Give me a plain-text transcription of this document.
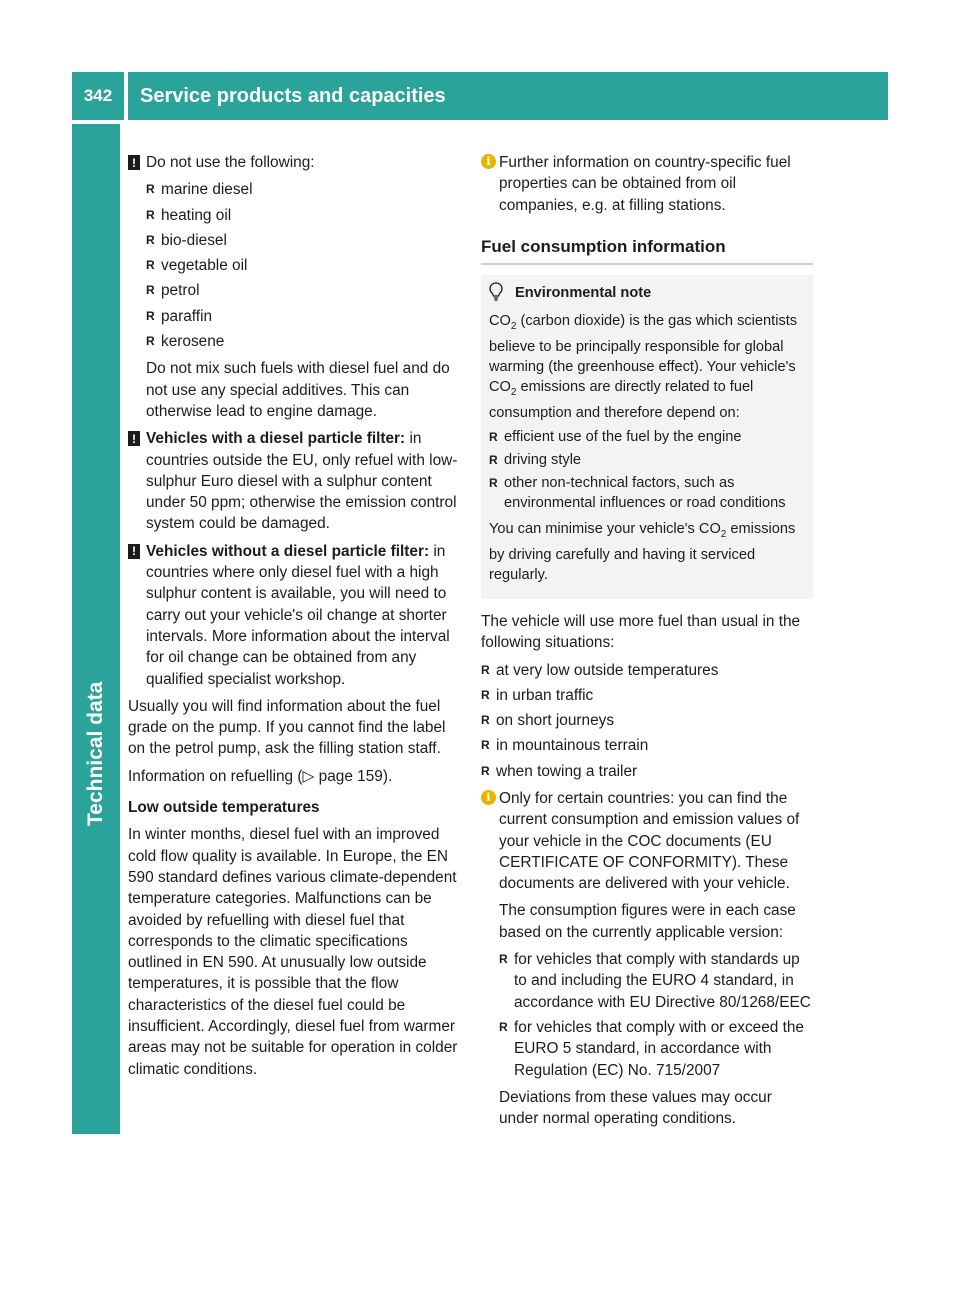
342	Service products and capacities
Technical data
! Do not use the following:

R marine diesel
R heating oil
R bio-diesel
R vegetable oil
R petrol
R paraffin
R kerosene

Do not mix such fuels with diesel fuel and do not use any special additives. This can otherwise lead to engine damage.

! Vehicles with a diesel particle filter: in countries outside the EU, only refuel with low-sulphur Euro diesel with a sulphur content under 50 ppm; otherwise the emission control system could be damaged.

! Vehicles without a diesel particle filter: in countries where only diesel fuel with a high sulphur content is available, you will need to carry out your vehicle's oil change at shorter intervals. More information about the interval for oil change can be obtained from any qualified specialist workshop.

Usually you will find information about the fuel grade on the pump. If you cannot find the label on the petrol pump, ask the filling station staff.

Information on refuelling (▷ page 159).

Low outside temperatures

In winter months, diesel fuel with an improved cold flow quality is available. In Europe, the EN 590 standard defines various climate-dependent temperature categories. Malfunctions can be avoided by refuelling with diesel fuel that corresponds to the climatic specifications outlined in EN 590. At unusually low outside temperatures, it is possible that the flow characteristics of the diesel fuel could be insufficient. Accordingly, diesel fuel from warmer areas may not be suitable for operation in colder climatic conditions.

i Further information on country-specific fuel properties can be obtained from oil companies, e.g. at filling stations.

Fuel consumption information
Environmental note

$CO_2$ (carbon dioxide) is the gas which scientists believe to be principally responsible for global warming (the greenhouse effect). Your vehicle's $CO_2$ emissions are directly related to fuel consumption and therefore depend on:

R efficient use of the fuel by the engine
R driving style
R other non-technical factors, such as environmental influences or road conditions

You can minimise your vehicle's $CO_2$ emissions by driving carefully and having it serviced regularly.

The vehicle will use more fuel than usual in the following situations:

R at very low outside temperatures
R in urban traffic
R on short journeys
R in mountainous terrain
R when towing a trailer
i Only for certain countries: you can find the current consumption and emission values of your vehicle in the COC documents (EU CERTIFICATE OF CONFORMITY). These documents are delivered with your vehicle.

The consumption figures were in each case based on the currently applicable version:

R for vehicles that comply with standards up to and including the EURO 4 standard, in accordance with EU Directive 80/1268/EEC
R for vehicles that comply with or exceed the EURO 5 standard, in accordance with Regulation (EC) No. 715/2007

Deviations from these values may occur under normal operating conditions.
